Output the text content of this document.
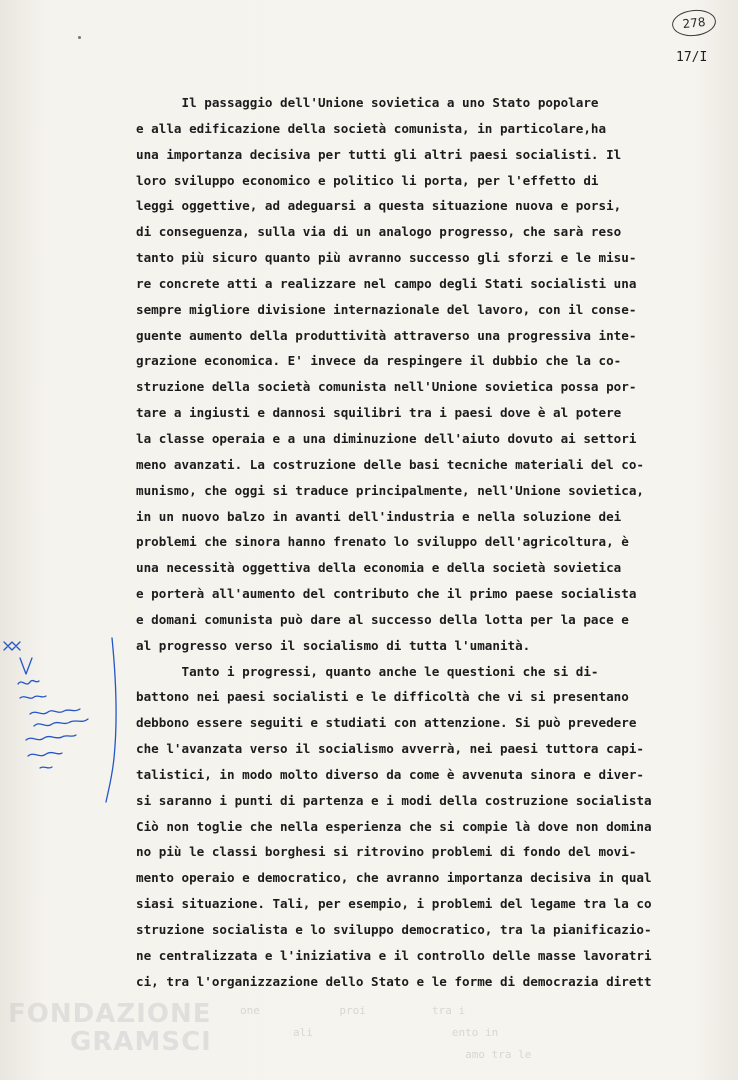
278
17/I
Il passaggio dell'Unione sovietica a uno Stato popolare
e alla edificazione della società comunista, in particolare,ha
una importanza decisiva per tutti gli altri paesi socialisti. Il
loro sviluppo economico e politico li porta, per l'effetto di
leggi oggettive, ad adeguarsi a questa situazione nuova e porsi,
di conseguenza, sulla via di un analogo progresso, che sarà reso
tanto più sicuro quanto più avranno successo gli sforzi e le misu-
re concrete atti a realizzare nel campo degli Stati socialisti una
sempre migliore divisione internazionale del lavoro, con il conse-
guente aumento della produttività attraverso una progressiva inte-
grazione economica. E' invece da respingere il dubbio che la co-
struzione della società comunista nell'Unione sovietica possa por-
tare a ingiusti e dannosi squilibri tra i paesi dove è al potere
la classe operaia e a una diminuzione dell'aiuto dovuto ai settori
meno avanzati. La costruzione delle basi tecniche materiali del co-
munismo, che oggi si traduce principalmente, nell'Unione sovietica,
in un nuovo balzo in avanti dell'industria e nella soluzione dei
problemi che sinora hanno frenato lo sviluppo dell'agricoltura, è
una necessità oggettiva della economia e della società sovietica
e porterà all'aumento del contributo che il primo paese socialista
e domani comunista può dare al successo della lotta per la pace e
al progresso verso il socialismo di tutta l'umanità.
Tanto i progressi, quanto anche le questioni che si di-
battono nei paesi socialisti e le difficoltà che vi si presentano
debbono essere seguiti e studiati con attenzione. Si può prevedere
che l'avanzata verso il socialismo avverrà, nei paesi tuttora capi-
talistici, in modo molto diverso da come è avvenuta sinora e diver-
si saranno i punti di partenza e i modi della costruzione socialista
Ciò non toglie che nella esperienza che si compie là dove non domina
no più le classi borghesi si ritrovino problemi di fondo del movi-
mento operaio e democratico, che avranno importanza decisiva in qual
siasi situazione. Tali, per esempio, i problemi del legame tra la co
struzione socialista e lo sviluppo democratico, tra la pianificazio-
ne centralizzata e l'iniziativa e il controllo delle masse lavoratri
ci, tra l'organizzazione dello Stato e le forme di democrazia dirett
one            proi          tra i
ali                     ento in
amo tra le
FONDAZIONE
GRAMSCI
